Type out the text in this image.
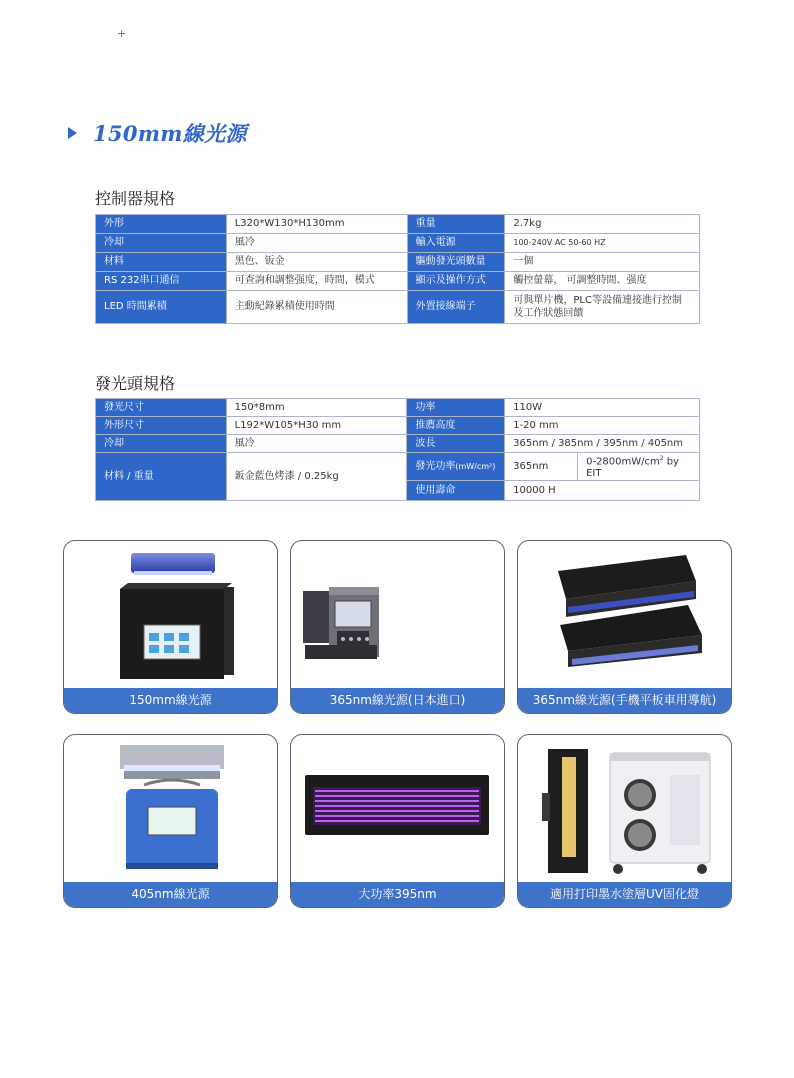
+
150mm線光源
控制器規格
外形	L320*W130*H130mm	重量	2.7kg
冷却	風冷	輸入電源	100-240V AC 50-60 HZ
材料	黑色、钣金	驅動發光頭數量	一個
RS 232串口通信	可查詢和調整强度，時間，模式	顯示及操作方式	觸控螢幕， 可調整時間、强度
LED 時間累積	主動紀錄累積使用時間	外置接線端子	可與單片機，PLC等設備連接進行控制及工作狀態回饋
發光頭規格
發光尺寸	150*8mm	功率	110W	
外形尺寸	L192*W105*H30 mm	推薦高度	1-20 mm	
冷却	風冷	波長	365nm / 385nm / 395nm / 405nm	
材料 / 重量	鈑金藍色烤漆 / 0.25kg	發光功率(mW/cm²)	365nm	$0-2800mW/cm^2$ by EIT
		使用壽命	10000 H	
150mm線光源	365nm線光源(日本進口)	365nm線光源(手機平板車用導航)
405nm線光源	大功率395nm	適用打印墨水塗層UV固化燈
